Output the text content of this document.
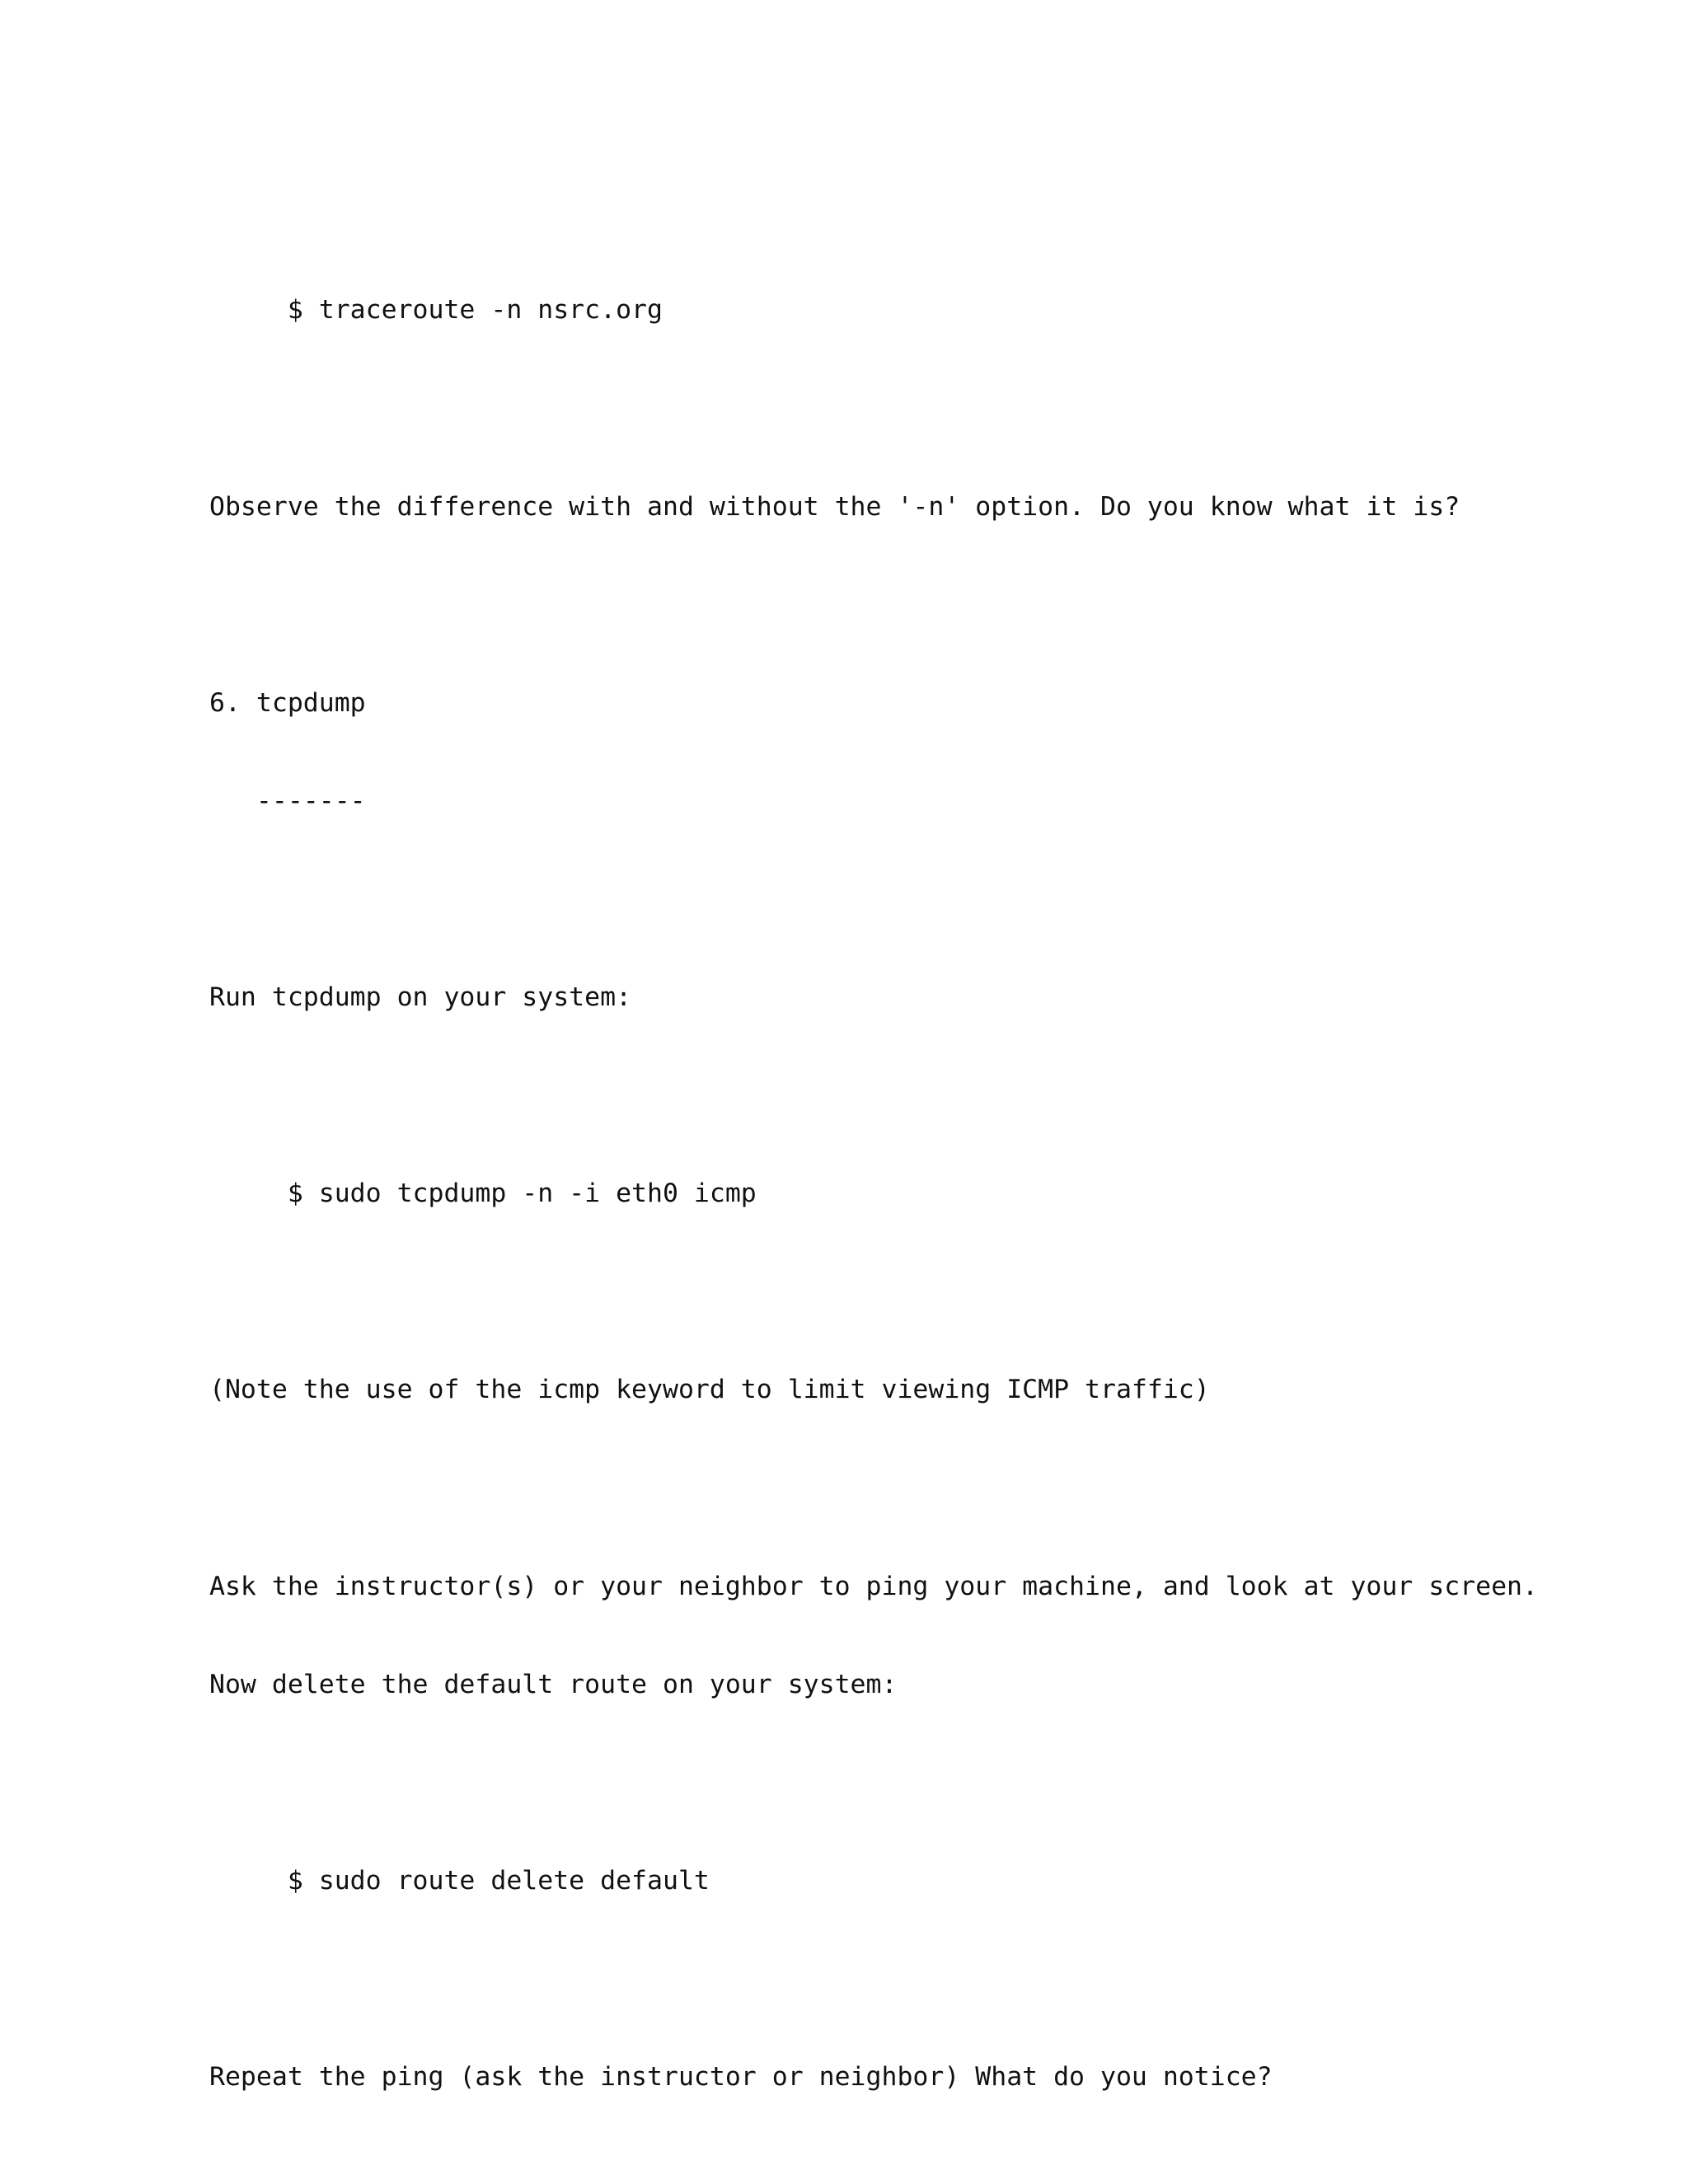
$ traceroute -n nsrc.org

Observe the difference with and without the '-n' option. Do you know what it is?

6. tcpdump

-------

Run tcpdump on your system:

$ sudo tcpdump -n -i eth0 icmp

(Note the use of the icmp keyword to limit viewing ICMP traffic)

Ask the instructor(s) or your neighbor to ping your machine, and look at your screen.

Now delete the default route on your system:

$ sudo route delete default

Repeat the ping (ask the instructor or neighbor) What do you notice?
